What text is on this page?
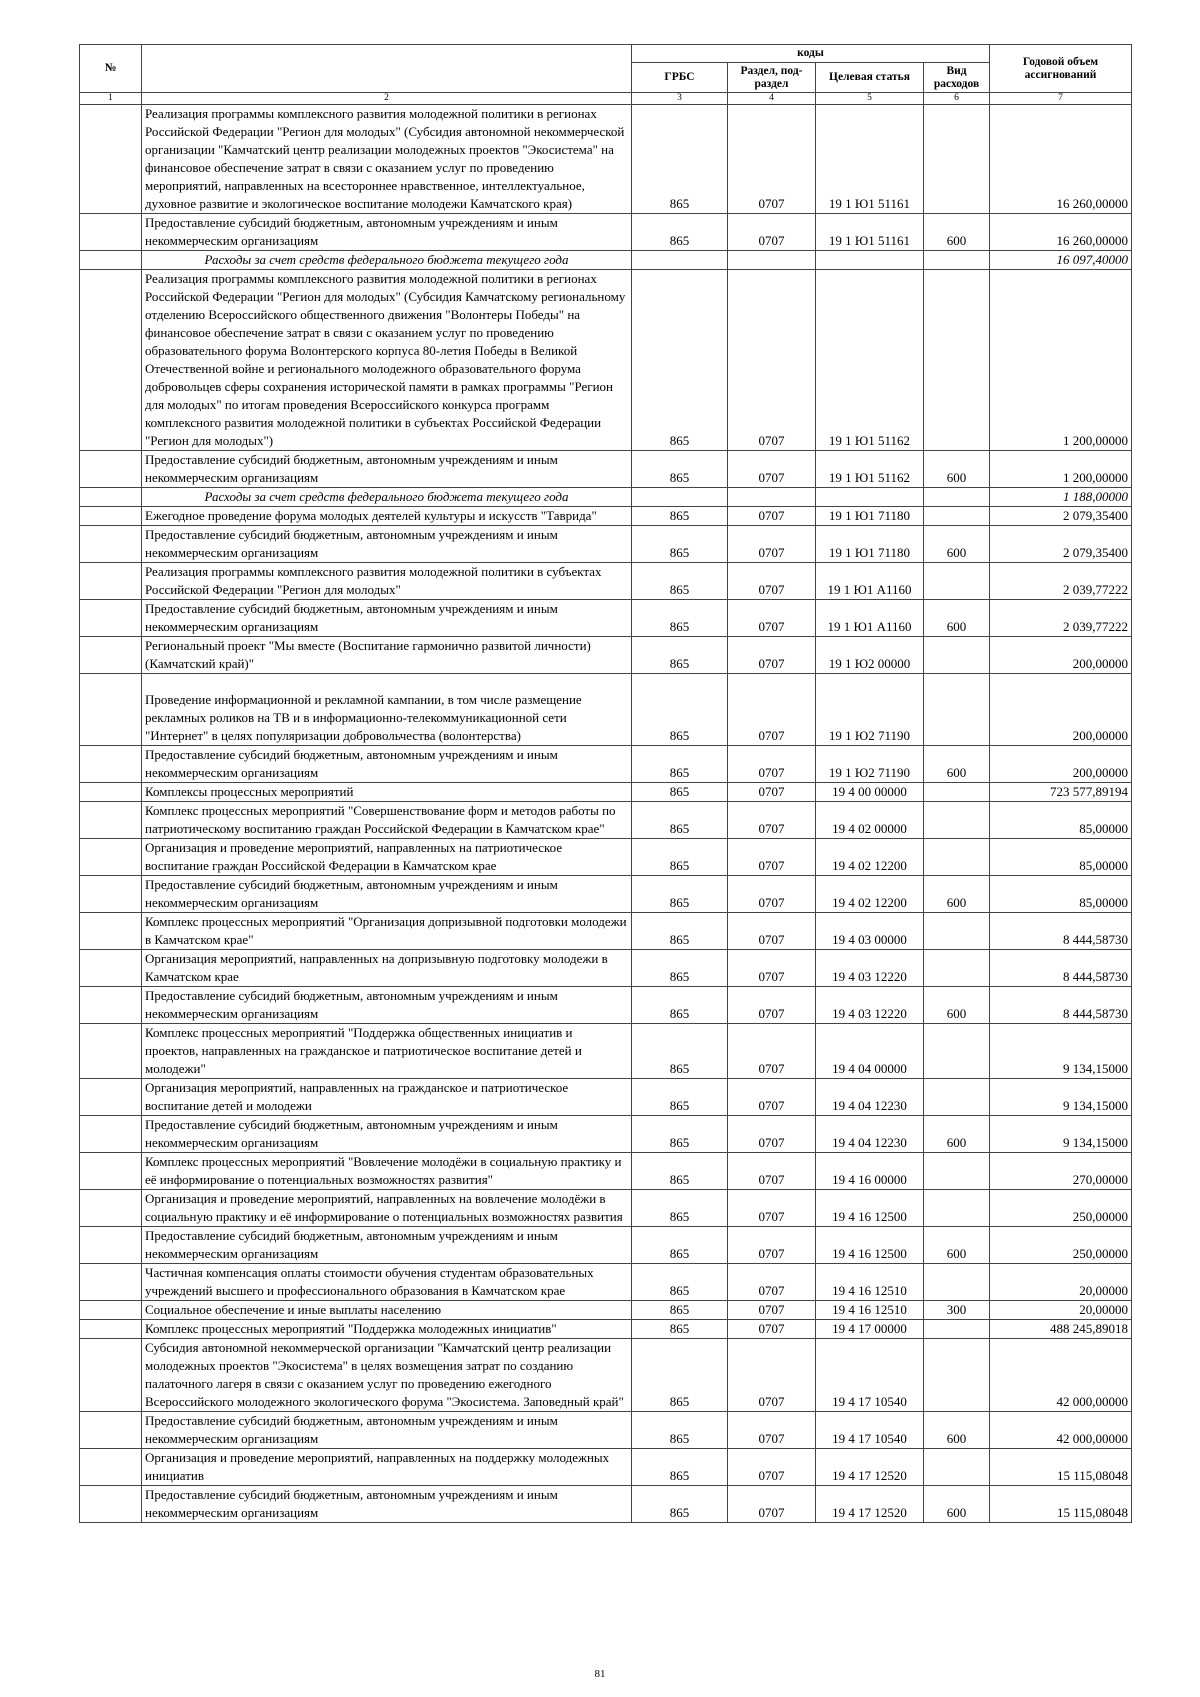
№		коды				Годовой объем ассигнований
		ГРБС	Раздел, под-раздел	Целевая статья	Вид расходов	
1	2	3	4	5	6	7
	Реализация программы комплексного развития молодежной политики в регионах Российской Федерации "Регион для молодых" (Субсидия автономной некоммерческой организации "Камчатский центр реализации молодежных проектов "Экосистема" на финансовое обеспечение затрат в связи с оказанием услуг по проведению мероприятий, направленных на всестороннее нравственное, интеллектуальное, духовное развитие и экологическое воспитание молодежи Камчатского края)	865	0707	19 1 Ю1 51161		16 260,00000
	Предоставление субсидий бюджетным, автономным учреждениям и иным некоммерческим организациям	865	0707	19 1 Ю1 51161	600	16 260,00000
	Расходы за счет средств федерального бюджета текущего года					16 097,40000
	Реализация программы комплексного развития молодежной политики в регионах Российской Федерации "Регион для молодых" (Субсидия Камчатскому региональному отделению Всероссийского общественного движения "Волонтеры Победы" на финансовое обеспечение затрат в связи с оказанием услуг по проведению образовательного форума Волонтерского корпуса 80-летия Победы в Великой Отечественной войне и регионального молодежного образовательного форума добровольцев сферы сохранения исторической памяти в рамках программы "Регион для молодых" по итогам проведения Всероссийского конкурса программ комплексного развития молодежной политики в субъектах Российской Федерации "Регион для молодых")	865	0707	19 1 Ю1 51162		1 200,00000
	Предоставление субсидий бюджетным, автономным учреждениям и иным некоммерческим организациям	865	0707	19 1 Ю1 51162	600	1 200,00000
	Расходы за счет средств федерального бюджета текущего года					1 188,00000
	Ежегодное проведение форума молодых деятелей культуры и искусств "Таврида"	865	0707	19 1 Ю1 71180		2 079,35400
	Предоставление субсидий бюджетным, автономным учреждениям и иным некоммерческим организациям	865	0707	19 1 Ю1 71180	600	2 079,35400
	Реализация программы комплексного развития молодежной политики в субъектах Российской Федерации "Регион для молодых"	865	0707	19 1 Ю1 А1160		2 039,77222
	Предоставление субсидий бюджетным, автономным учреждениям и иным некоммерческим организациям	865	0707	19 1 Ю1 А1160	600	2 039,77222
	Региональный проект "Мы вместе (Воспитание гармонично развитой личности) (Камчатский край)"	865	0707	19 1 Ю2 00000		200,00000
	Проведение информационной и рекламной кампании, в том числе размещение рекламных роликов на ТВ и в информационно-телекоммуникационной сети "Интернет" в целях популяризации добровольчества (волонтерства)	865	0707	19 1 Ю2 71190		200,00000
	Предоставление субсидий бюджетным, автономным учреждениям и иным некоммерческим организациям	865	0707	19 1 Ю2 71190	600	200,00000
	Комплексы процессных мероприятий	865	0707	19 4 00 00000		723 577,89194
	Комплекс процессных мероприятий "Совершенствование форм и методов работы по патриотическому воспитанию граждан Российской Федерации в Камчатском крае"	865	0707	19 4 02 00000		85,00000
	Организация и проведение мероприятий, направленных на патриотическое воспитание граждан Российской Федерации в Камчатском крае	865	0707	19 4 02 12200		85,00000
	Предоставление субсидий бюджетным, автономным учреждениям и иным некоммерческим организациям	865	0707	19 4 02 12200	600	85,00000
	Комплекс процессных мероприятий "Организация допризывной подготовки молодежи в Камчатском крае"	865	0707	19 4 03 00000		8 444,58730
	Организация мероприятий, направленных на допризывную подготовку молодежи в Камчатском крае	865	0707	19 4 03 12220		8 444,58730
	Предоставление субсидий бюджетным, автономным учреждениям и иным некоммерческим организациям	865	0707	19 4 03 12220	600	8 444,58730
	Комплекс процессных мероприятий "Поддержка общественных инициатив и проектов, направленных на гражданское и патриотическое воспитание детей и молодежи"	865	0707	19 4 04 00000		9 134,15000
	Организация мероприятий, направленных на гражданское и патриотическое воспитание детей и молодежи	865	0707	19 4 04 12230		9 134,15000
	Предоставление субсидий бюджетным, автономным учреждениям и иным некоммерческим организациям	865	0707	19 4 04 12230	600	9 134,15000
	Комплекс процессных мероприятий "Вовлечение молодёжи в социальную практику и её информирование о потенциальных возможностях развития"	865	0707	19 4 16 00000		270,00000
	Организация и проведение мероприятий, направленных на вовлечение молодёжи в социальную практику и её информирование о потенциальных возможностях развития	865	0707	19 4 16 12500		250,00000
	Предоставление субсидий бюджетным, автономным учреждениям и иным некоммерческим организациям	865	0707	19 4 16 12500	600	250,00000
	Частичная компенсация оплаты стоимости обучения студентам образовательных учреждений высшего и профессионального образования в Камчатском крае	865	0707	19 4 16 12510		20,00000
	Социальное обеспечение и иные выплаты населению	865	0707	19 4 16 12510	300	20,00000
	Комплекс процессных мероприятий "Поддержка молодежных инициатив"	865	0707	19 4 17 00000		488 245,89018
	Субсидия автономной некоммерческой организации "Камчатский центр реализации молодежных проектов "Экосистема" в целях возмещения затрат по созданию палаточного лагеря в связи с оказанием услуг по проведению ежегодного Всероссийского молодежного экологического форума "Экосистема. Заповедный край"	865	0707	19 4 17 10540		42 000,00000
	Предоставление субсидий бюджетным, автономным учреждениям и иным некоммерческим организациям	865	0707	19 4 17 10540	600	42 000,00000
	Организация и проведение мероприятий, направленных на поддержку молодежных инициатив	865	0707	19 4 17 12520		15 115,08048
	Предоставление субсидий бюджетным, автономным учреждениям и иным некоммерческим организациям	865	0707	19 4 17 12520	600	15 115,08048
81
